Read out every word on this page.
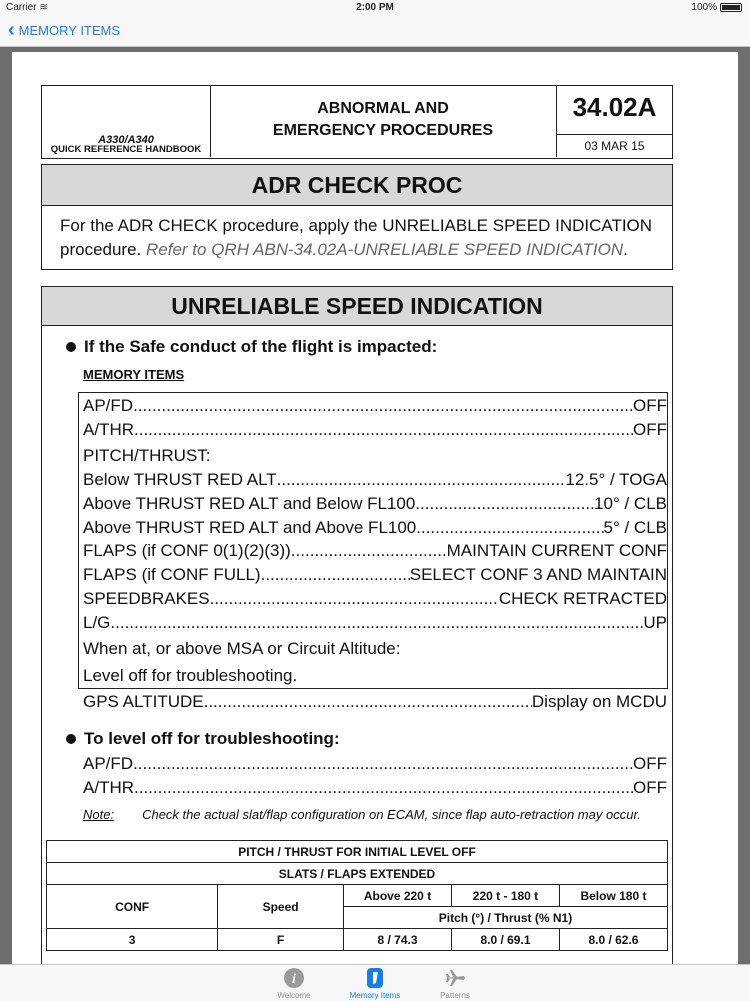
Carrier ≋	2:00 PM	100%
‹ MEMORY ITEMS
A330/A340
QUICK REFERENCE HANDBOOK
ABNORMAL AND
EMERGENCY PROCEDURES
34.02A
03 MAR 15
ADR CHECK PROC
For the ADR CHECK procedure, apply the UNRELIABLE SPEED INDICATION
procedure. Refer to QRH ABN-34.02A-UNRELIABLE SPEED INDICATION.
UNRELIABLE SPEED INDICATION
If the Safe conduct of the flight is impacted:
MEMORY ITEMS
AP/FD .....	OFF
A/THR .....	OFF
PITCH/THRUST:
Below THRUST RED ALT .....	12.5° / TOGA
Above THRUST RED ALT and Below FL100 .....	10° / CLB
Above THRUST RED ALT and Above FL100 .....	5° / CLB
FLAPS (if CONF 0(1)(2)(3)) .....	MAINTAIN CURRENT CONF
FLAPS (if CONF FULL) .....	SELECT CONF 3 AND MAINTAIN
SPEEDBRAKES .....	CHECK RETRACTED
L/G .....	UP
When at, or above MSA or Circuit Altitude:
Level off for troubleshooting.
GPS ALTITUDE .....	Display on MCDU
To level off for troubleshooting:
AP/FD .....	OFF
A/THR .....	OFF
Note: Check the actual slat/flap configuration on ECAM, since flap auto-retraction may occur.
PITCH / THRUST FOR INITIAL LEVEL OFF				
SLATS / FLAPS EXTENDED				
CONF	Speed	Above 220 t	220 t - 180 t	Below 180 t
		Pitch (°) / Thrust (% N1)		
3	F	8 / 74.3	8.0 / 69.1	8.0 / 62.6
i
Welcome	Memory Items	Patterns
